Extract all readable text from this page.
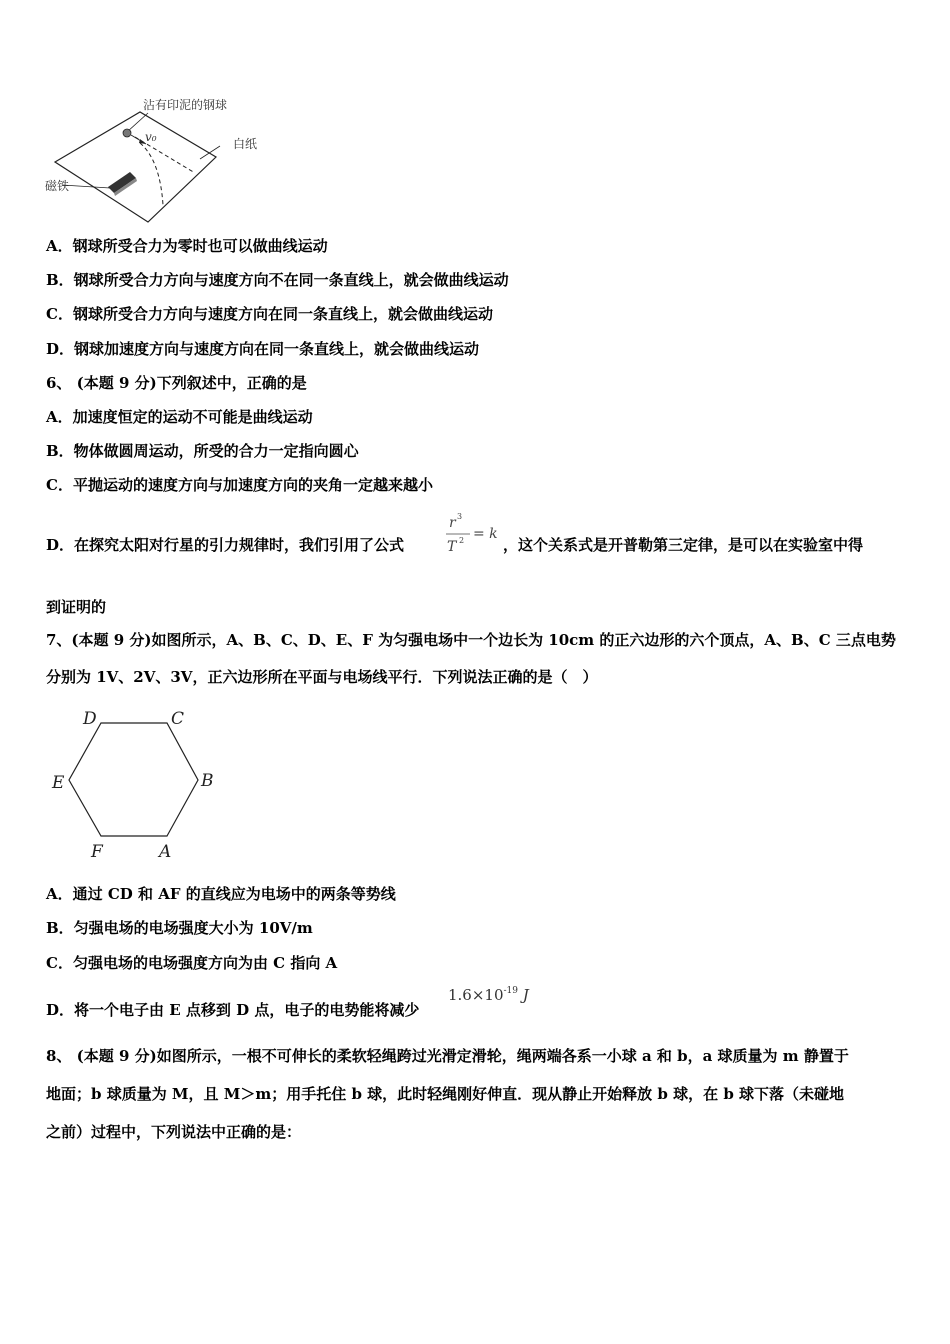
沾有印泥的钢球
v₀	白纸
磁铁
A．钢球所受合力为零时也可以做曲线运动
B．钢球所受合力方向与速度方向不在同一条直线上，就会做曲线运动
C．钢球所受合力方向与速度方向在同一条直线上，就会做曲线运动
D．钢球加速度方向与速度方向在同一条直线上，就会做曲线运动
6、 (本题 9 分)下列叙述中，正确的是
A．加速度恒定的运动不可能是曲线运动
B．物体做圆周运动，所受的合力一定指向圆心
C．平抛运动的速度方向与加速度方向的夹角一定越来越小
D．在探究太阳对行星的引力规律时，我们引用了公式
r 3
T 2 = k
，这个关系式是开普勒第三定律，是可以在实验室中得
到证明的
7、(本题 9 分)如图所示，A、B、C、D、E、F 为匀强电场中一个边长为 10cm 的正六边形的六个顶点，A、B、C 三点电势
分别为 1V、2V、3V，正六边形所在平面与电场线平行．下列说法正确的是（　）
D	C
E	B
F	A
A．通过 CD 和 AF 的直线应为电场中的两条等势线
B．匀强电场的电场强度大小为 10V/m
C．匀强电场的电场强度方向为由 C 指向 A
D．将一个电子由 E 点移到 D 点，电子的电势能将减少
$1.6\times 10^{-19}$ J
8、 (本题 9 分)如图所示，一根不可伸长的柔软轻绳跨过光滑定滑轮，绳两端各系一小球 a 和 b，a 球质量为 m 静置于
地面；b 球质量为 M，且 M＞m；用手托住 b 球，此时轻绳刚好伸直．现从静止开始释放 b 球，在 b 球下落（未碰地
之前）过程中，下列说法中正确的是：
